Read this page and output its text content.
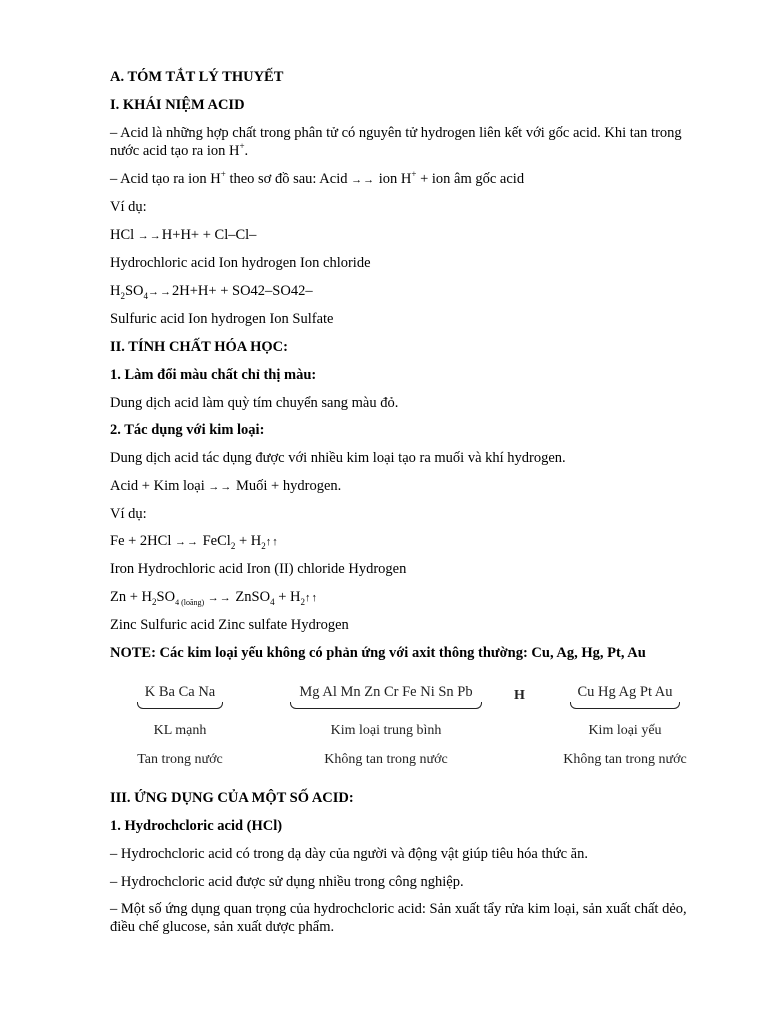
A. TÓM TẮT LÝ THUYẾT
I. KHÁI NIỆM ACID
– Acid là những hợp chất trong phân tử có nguyên tử hydrogen liên kết với gốc acid. Khi tan trong nước acid tạo ra ion H+.
– Acid tạo ra ion H+ theo sơ đồ sau: Acid →→ ion H+ + ion âm gốc acid
Ví dụ:
HCl →→H+H+ + Cl–Cl–
Hydrochloric acid Ion hydrogen Ion chloride
$H_2SO_4\to\to 2H+H+ + SO42-SO42-$
Sulfuric acid Ion hydrogen Ion Sulfate
II. TÍNH CHẤT HÓA HỌC:
1. Làm đổi màu chất chỉ thị màu:
Dung dịch acid làm quỳ tím chuyển sang màu đỏ.
2. Tác dụng với kim loại:
Dung dịch acid tác dụng được với nhiều kim loại tạo ra muối và khí hydrogen.
Acid + Kim loại →→ Muối + hydrogen.
Ví dụ:
Fe + 2HCl →→ FeCl$_2$ + $H_2↑↑$
Iron Hydrochloric acid Iron (II) chloride Hydrogen
$Zn + H_2SO_{4 (loãng)}$ →→ ZnSO$_4$ + $H_2↑↑$
Zinc Sulfuric acid Zinc sulfate Hydrogen
NOTE: Các kim loại yếu không có phản ứng với axit thông thường: Cu, Ag, Hg, Pt, Au
K Ba Ca Na
KL mạnh
Tan trong nước
Mg Al Mn Zn Cr Fe Ni Sn Pb
Kim loại trung bình
Không tan trong nước
H	Cu Hg Ag Pt Au
Kim loại yếu
Không tan trong nước
III. ỨNG DỤNG CỦA MỘT SỐ ACID:
1. Hydrochcloric acid (HCl)
– Hydrochcloric acid có trong dạ dày của người và động vật giúp tiêu hóa thức ăn.
– Hydrochcloric acid được sử dụng nhiều trong công nghiệp.
– Một số ứng dụng quan trọng của hydrochcloric acid: Sản xuất tẩy rửa kim loại, sản xuất chất dẻo, điều chế glucose, sản xuất dược phẩm.
